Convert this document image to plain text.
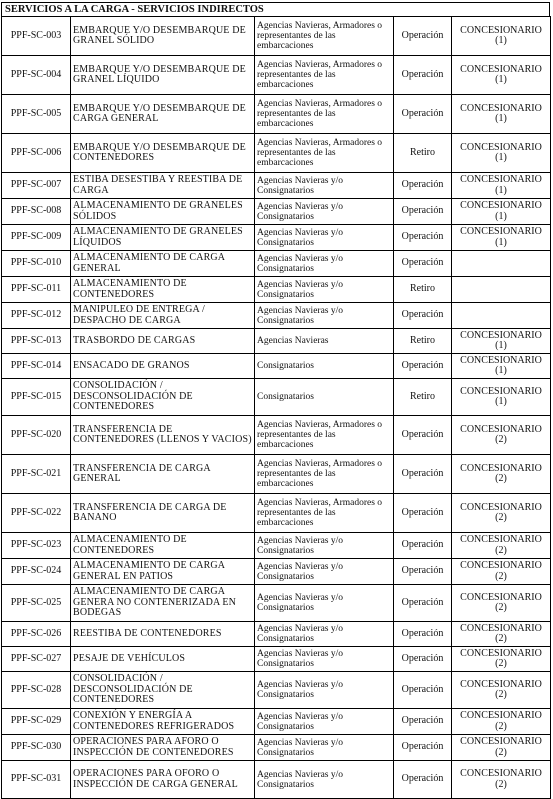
SERVICIOS A LA CARGA - SERVICIOS INDIRECTOS
PPF-SC-003	EMBARQUE Y/O DESEMBARQUE DE GRANEL SÓLIDO	Agencias Navieras, Armadores o representantes de las embarcaciones	Operación	CONCESIONARIO
(1)

PPF-SC-004	EMBARQUE Y/O DESEMBARQUE DE GRANEL LÍQUIDO	Agencias Navieras, Armadores o representantes de las embarcaciones	Operación	CONCESIONARIO
(1)

PPF-SC-005	EMBARQUE Y/O DESEMBARQUE DE CARGA GENERAL	Agencias Navieras, Armadores o representantes de las embarcaciones	Operación	CONCESIONARIO
(1)

PPF-SC-006	EMBARQUE Y/O DESEMBARQUE DE CONTENEDORES	Agencias Navieras, Armadores o representantes de las embarcaciones	Retiro	CONCESIONARIO
(1)

PPF-SC-007	ESTIBA DESESTIBA Y REESTIBA DE CARGA	Agencias Navieras y/o Consignatarios	Operación	CONCESIONARIO
(1)

PPF-SC-008	ALMACENAMIENTO DE GRANELES SÓLIDOS	Agencias Navieras y/o Consignatarios	Operación	CONCESIONARIO
(1)

PPF-SC-009	ALMACENAMIENTO DE GRANELES LÍQUIDOS	Agencias Navieras y/o Consignatarios	Operación	CONCESIONARIO
(1)

PPF-SC-010	ALMACENAMIENTO DE CARGA GENERAL	Agencias Navieras y/o Consignatarios	Operación	

PPF-SC-011	ALMACENAMIENTO DE CONTENEDORES	Agencias Navieras y/o Consignatarios	Retiro	

PPF-SC-012	MANIPULEO DE ENTREGA / DESPACHO DE CARGA	Agencias Navieras y/o Consignatarios	Operación	

PPF-SC-013	TRASBORDO DE CARGAS	Agencias Navieras	Retiro	CONCESIONARIO
(1)

PPF-SC-014	ENSACADO DE GRANOS	Consignatarios	Operación	CONCESIONARIO
(1)

PPF-SC-015	CONSOLIDACIÓN / DESCONSOLIDACIÓN DE CONTENEDORES	Consignatarios	Retiro	CONCESIONARIO
(1)

PPF-SC-020	TRANSFERENCIA DE CONTENEDORES (LLENOS Y VACIOS)	Agencias Navieras, Armadores o representantes de las embarcaciones	Operación	CONCESIONARIO
(2)

PPF-SC-021	TRANSFERENCIA DE CARGA GENERAL	Agencias Navieras, Armadores o representantes de las embarcaciones	Operación	CONCESIONARIO
(2)

PPF-SC-022	TRANSFERENCIA DE CARGA DE BANANO	Agencias Navieras, Armadores o representantes de las embarcaciones	Operación	CONCESIONARIO
(2)

PPF-SC-023	ALMACENAMIENTO DE CONTENEDORES	Agencias Navieras y/o Consignatarios	Operación	CONCESIONARIO
(2)

PPF-SC-024	ALMACENAMIENTO DE CARGA GENERAL EN PATIOS	Agencias Navieras y/o Consignatarios	Operación	CONCESIONARIO
(2)

PPF-SC-025	ALMACENAMIENTO DE CARGA GENERA NO CONTENERIZADA EN BODEGAS	Agencias Navieras y/o Consignatarios	Operación	CONCESIONARIO
(2)

PPF-SC-026	REESTIBA DE CONTENEDORES	Agencias Navieras y/o Consignatarios	Operación	CONCESIONARIO
(2)

PPF-SC-027	PESAJE DE VEHÍCULOS	Agencias Navieras y/o Consignatarios	Operación	CONCESIONARIO
(2)

PPF-SC-028	CONSOLIDACIÓN / DESCONSOLIDACIÓN DE CONTENEDORES	Agencias Navieras y/o Consignatarios	Operación	CONCESIONARIO
(2)

PPF-SC-029	CONEXIÓN Y ENERGÍA A CONTENEDORES REFRIGERADOS	Agencias Navieras y/o Consignatarios	Operación	CONCESIONARIO
(2)

PPF-SC-030	OPERACIONES PARA AFORO O INSPECCIÓN DE CONTENEDORES	Agencias Navieras y/o Consignatarios	Operación	CONCESIONARIO
(2)

PPF-SC-031	OPERACIONES PARA OFORO O INSPECCIÓN DE CARGA GENERAL	Agencias Navieras y/o Consignatarios	Operación	CONCESIONARIO
(2)
